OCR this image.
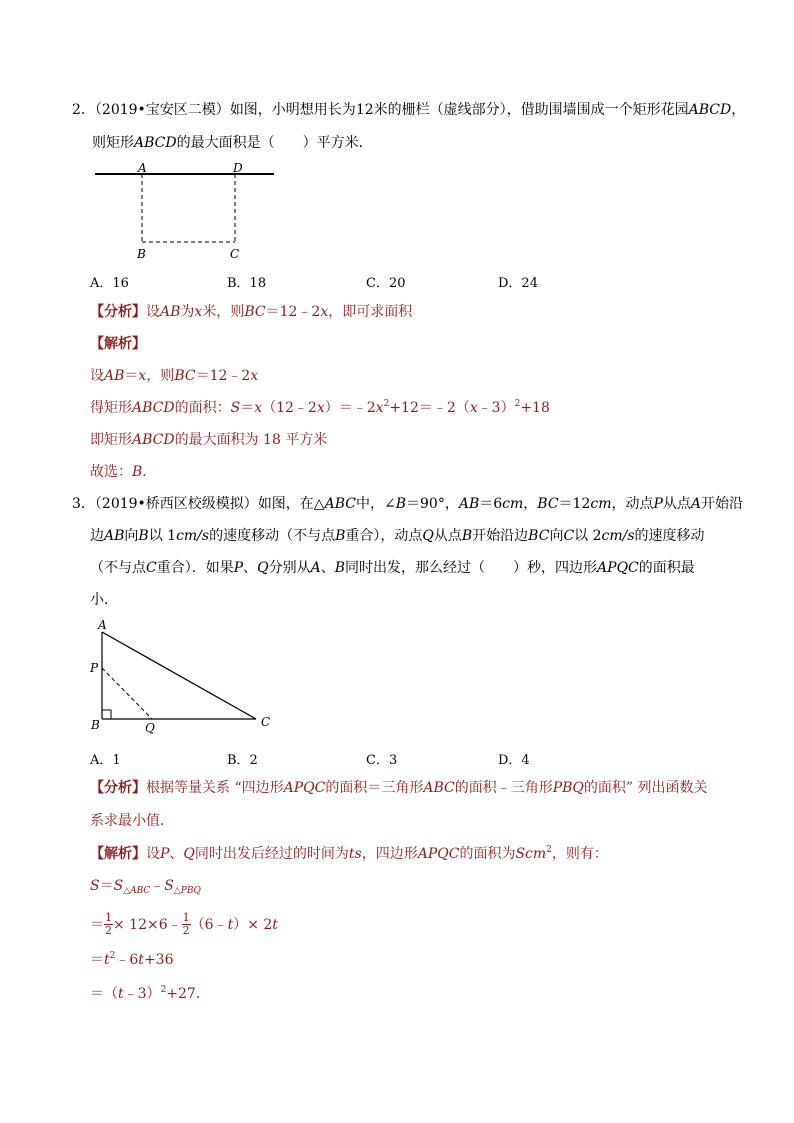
2．（2019•宝安区二模）如图，小明想用长为12米的栅栏（虚线部分），借助围墙围成一个矩形花园ABCD，
则矩形ABCD的最大面积是（　　）平方米．
A	D
B	C
A．16	B．18	C．20	D．24
【分析】设AB为x米，则BC＝12﹣2x，即可求面积
【解析】
设AB＝x，则BC＝12﹣2x
得矩形ABCD的面积：$S=x(12﹣2x)=﹣2x^2+12=﹣2(x﹣3)^2+18$
即矩形ABCD的最大面积为 18 平方米
故选：B．
3．（2019•桥西区校级模拟）如图，在△ABC中，∠B＝90°，AB＝6cm，BC＝12cm，动点P从点A开始沿
边AB向B以 1cm/s的速度移动（不与点B重合），动点Q从点B开始沿边BC向C以 2cm/s的速度移动
（不与点C重合）．如果P、Q分别从A、B同时出发，那么经过（　　）秒，四边形APQC的面积最
小．
A
P
B	Q	C
A．1	B．2	C．3	D．4
【分析】根据等量关系 “四边形APQC的面积＝三角形ABC的面积﹣三角形PBQ的面积” 列出函数关
系求最小值．
【解析】设P、Q同时出发后经过的时间为ts，四边形APQC的面积为Scm$^2$，则有：
$S=S_{\triangle ABC}﹣S_{\triangle PBQ}$
＝ $\frac{1}{2}$ × 12×6﹣ $\frac{1}{2}$ （6﹣t）× 2t
$=t^2﹣6t+36$
＝（t﹣3）$^2$+27．
